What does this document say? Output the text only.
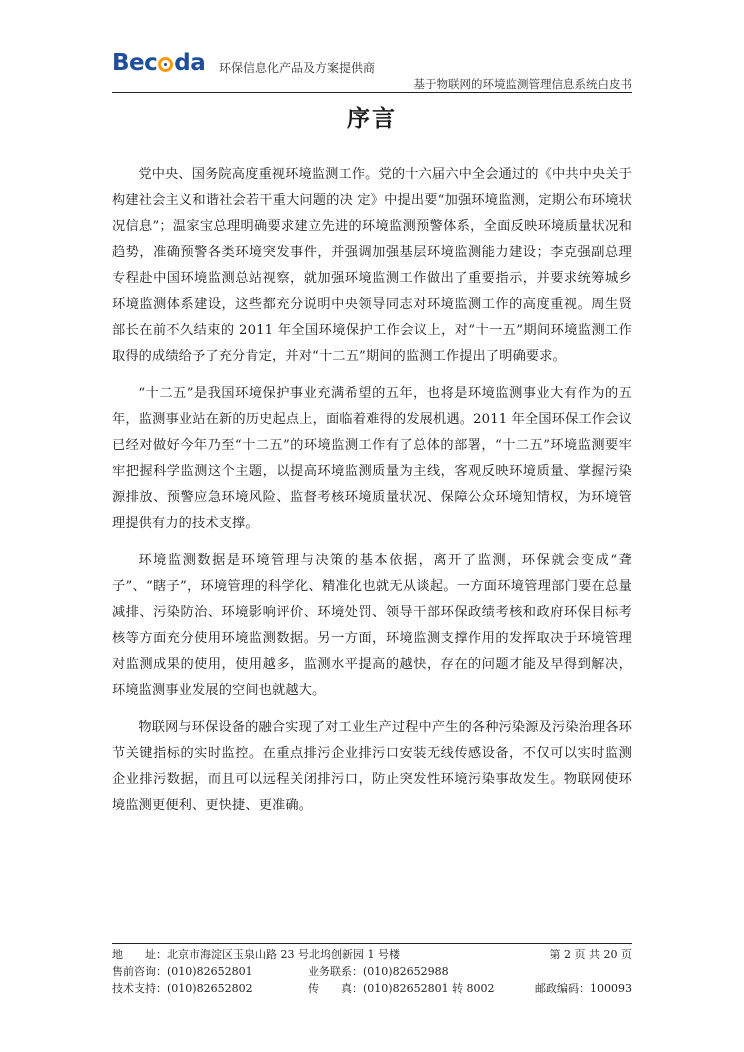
Bec da 环保信息化产品及方案提供商
基于物联网的环境监测管理信息系统白皮书
序言

党中央、国务院高度重视环境监测工作。党的十六届六中全会通过的《中共中央关于构建社会主义和谐社会若干重大问题的决 定》中提出要“加强环境监测，定期公布环境状况信息”；温家宝总理明确要求建立先进的环境监测预警体系，全面反映环境质量状况和趋势，准确预警各类环境突发事件，并强调加强基层环境监测能力建设；李克强副总理专程赴中国环境监测总站视察，就加强环境监测工作做出了重要指示，并要求统筹城乡环境监测体系建设，这些都充分说明中央领导同志对环境监测工作的高度重视。周生贤部长在前不久结束的 2011 年全国环境保护工作会议上，对“十一五”期间环境监测工作取得的成绩给予了充分肯定，并对“十二五”期间的监测工作提出了明确要求。

“十二五”是我国环境保护事业充满希望的五年，也将是环境监测事业大有作为的五年，监测事业站在新的历史起点上，面临着难得的发展机遇。2011 年全国环保工作会议已经对做好今年乃至“十二五”的环境监测工作有了总体的部署，“十二五”环境监测要牢牢把握科学监测这个主题，以提高环境监测质量为主线，客观反映环境质量、掌握污染源排放、预警应急环境风险、监督考核环境质量状况、保障公众环境知情权，为环境管理提供有力的技术支撑。

环境监测数据是环境管理与决策的基本依据，离开了监测，环保就会变成“聋子”、“瞎子”，环境管理的科学化、精准化也就无从谈起。一方面环境管理部门要在总量减排、污染防治、环境影响评价、环境处罚、领导干部环保政绩考核和政府环保目标考核等方面充分使用环境监测数据。另一方面，环境监测支撑作用的发挥取决于环境管理对监测成果的使用，使用越多，监测水平提高的越快，存在的问题才能及早得到解决，环境监测事业发展的空间也就越大。

物联网与环保设备的融合实现了对工业生产过程中产生的各种污染源及污染治理各环节关键指标的实时监控。在重点排污企业排污口安装无线传感设备，不仅可以实时监测企业排污数据，而且可以远程关闭排污口，防止突发性环境污染事故发生。物联网使环境监测更便利、更快捷、更准确。

地　　址：北京市海淀区玉泉山路 23 号北坞创新园 1 号楼	第 2 页 共 20 页
售前咨询：(010)82652801	业务联系：(010)82652988
技术支持：(010)82652802	传　　真：(010)82652801 转 8002	邮政编码：100093
